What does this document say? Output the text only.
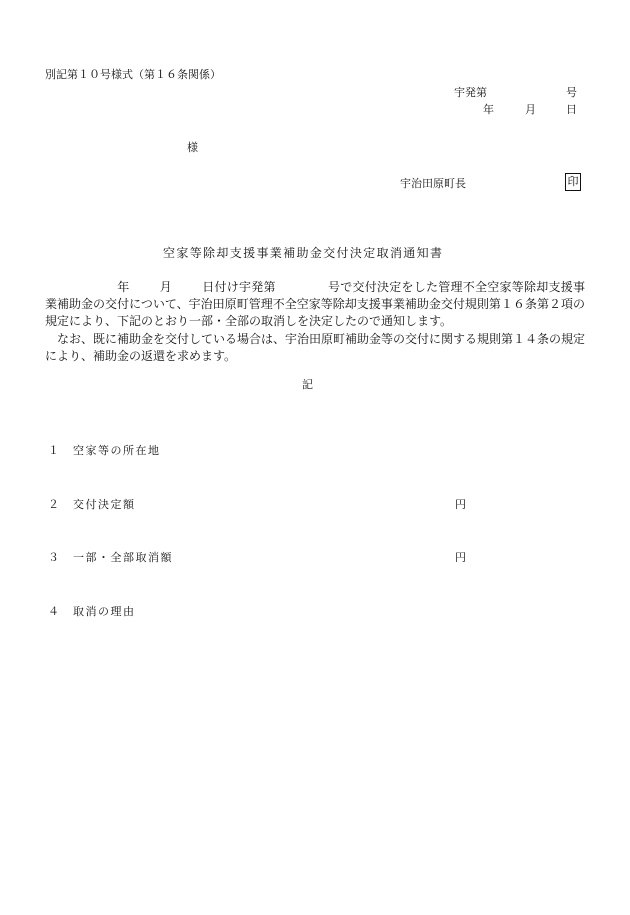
別記第１０号様式（第１６条関係）
宇発第	号
年	月	日
様
宇治田原町長	印
空家等除却支援事業補助金交付決定取消通知書

年	月	日付け宇発第	号で交付決定をした管理不全空家等除却支援事業補助金の交付について、宇治田原町管理不全空家等除却支援事業補助金交付規則第１６条第２項の規定により、下記のとおり一部・全部の取消しを決定したので通知します。

なお、既に補助金を交付している場合は、宇治田原町補助金等の交付に関する規則第１４条の規定により、補助金の返還を求めます。

記
１ 空家等の所在地
２ 交付決定額	円
３ 一部・全部取消額	円
４ 取消の理由
